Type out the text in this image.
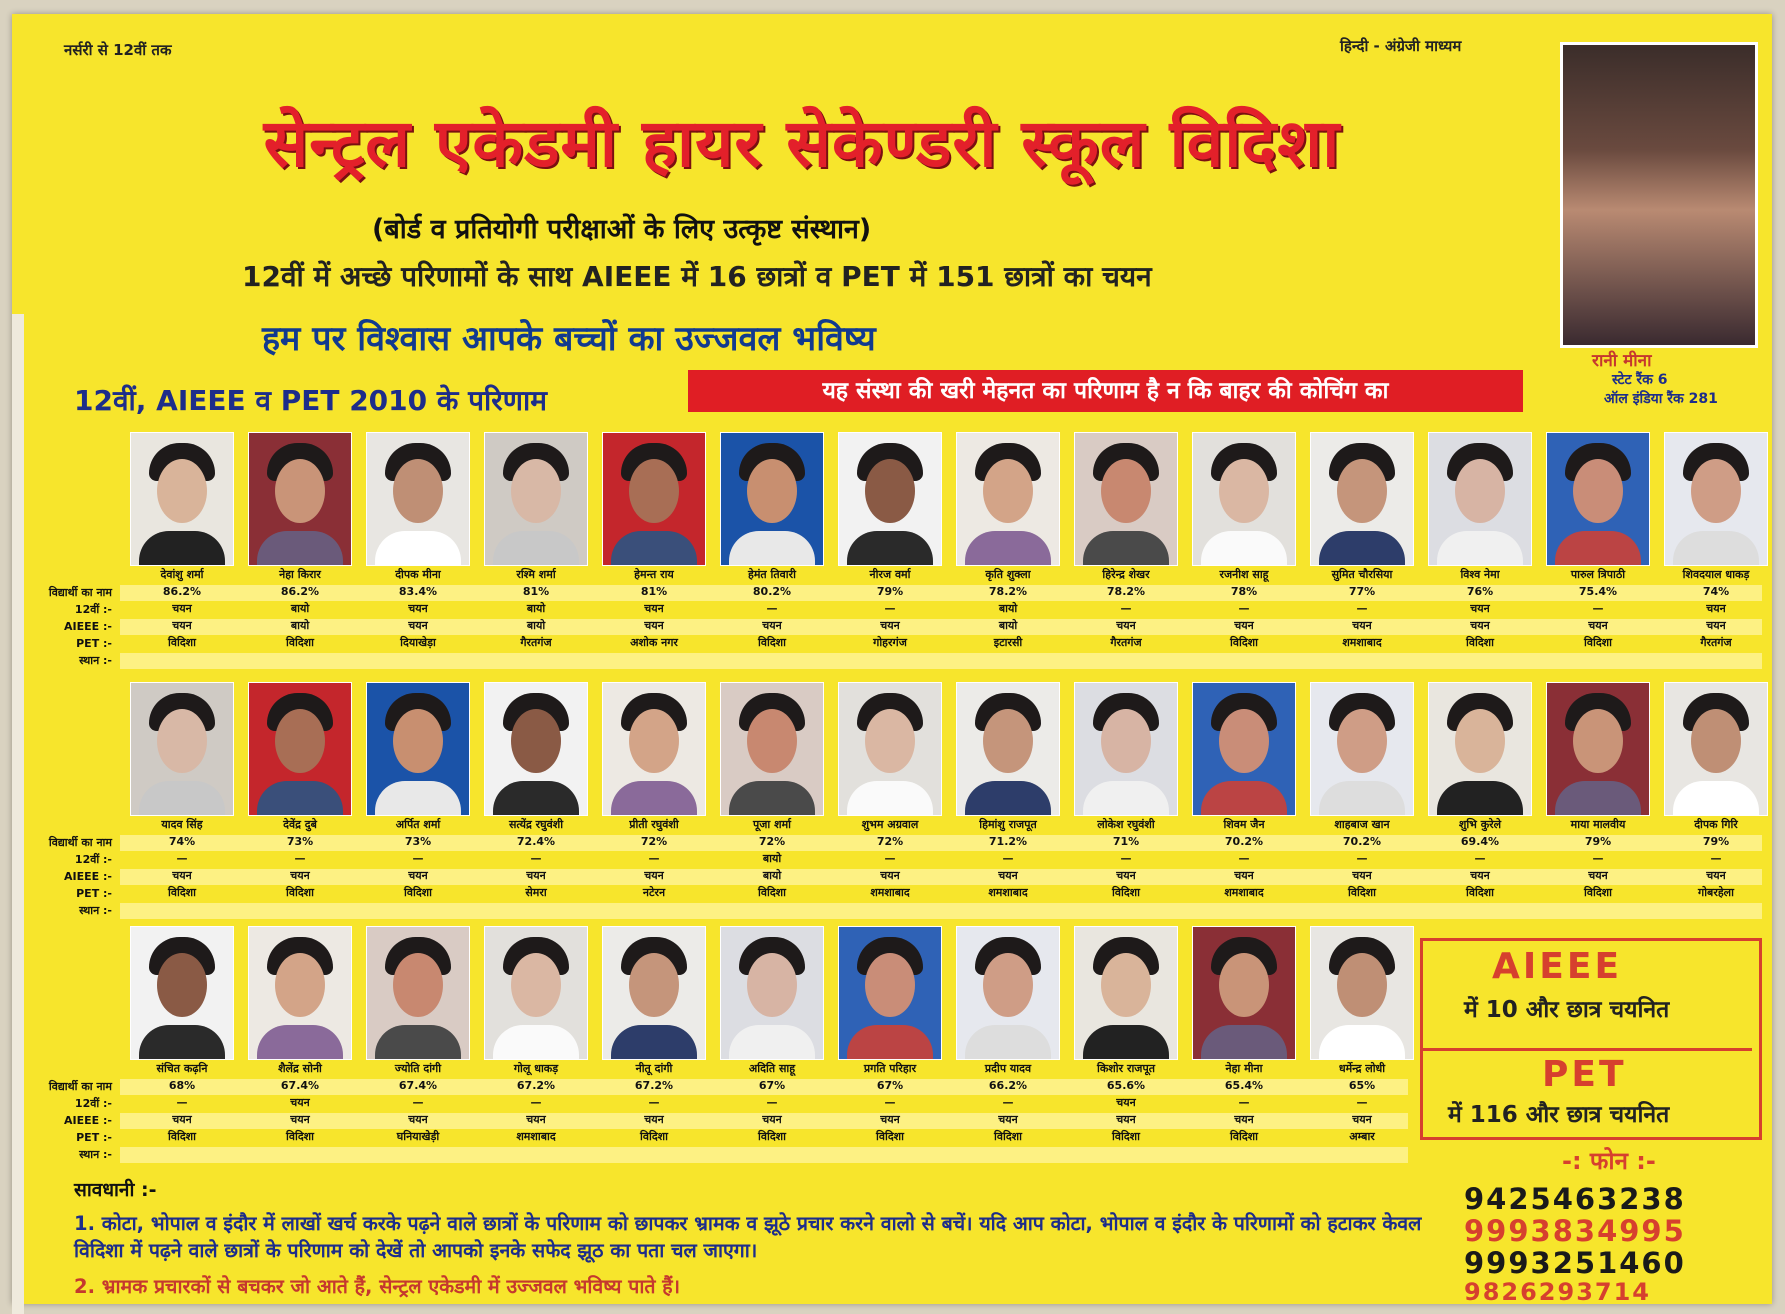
नर्सरी से 12वीं तक	हिन्दी - अंग्रेजी माध्यम
सेन्ट्रल एकेडमी हायर सेकेण्डरी स्कूल विदिशा
(बोर्ड व प्रतियोगी परीक्षाओं के लिए उत्कृष्ट संस्थान)
12वीं में अच्छे परिणामों के साथ AIEEE में 16 छात्रों व PET में 151 छात्रों का चयन
हम पर विश्वास आपके बच्चों का उज्जवल भविष्य
12वीं, AIEEE व PET 2010 के परिणाम	यह संस्था की खरी मेहनत का परिणाम है न कि बाहर की कोचिंग का
रानी मीना
स्टेट रैंक 6
ऑल इंडिया रैंक 281
विद्यार्थी का नाम
12वीं :-
AIEEE :-
PET :-
स्थान :-
देवांशु शर्मा
86.2%
चयन
चयन
विदिशा
नेहा किरार
86.2%
बायो
बायो
विदिशा
दीपक मीना
83.4%
चयन
चयन
दियाखेड़ा
रश्मि शर्मा
81%
बायो
बायो
गैरतगंज
हेमन्त राय
81%
चयन
चयन
अशोक नगर
हेमंत तिवारी
80.2%
—
चयन
विदिशा
नीरज वर्मा
79%
—
चयन
गोहरगंज
कृति शुक्ला
78.2%
बायो
बायो
इटारसी
हिरेन्द्र शेखर
78.2%
—
चयन
गैरतगंज
रजनीश साहू
78%
—
चयन
विदिशा
सुमित चौरसिया
77%
—
चयन
शमशाबाद
विश्व नेमा
76%
चयन
चयन
विदिशा
पारुल त्रिपाठी
75.4%
—
चयन
विदिशा
शिवदयाल धाकड़
74%
चयन
चयन
गैरतगंज
विद्यार्थी का नाम
12वीं :-
AIEEE :-
PET :-
स्थान :-
यादव सिंह
74%
—
चयन
विदिशा
देवेंद्र दुबे
73%
—
चयन
विदिशा
अर्पित शर्मा
73%
—
चयन
विदिशा
सत्येंद्र रघुवंशी
72.4%
—
चयन
सेमरा
प्रीती रघुवंशी
72%
—
चयन
नटेरन
पूजा शर्मा
72%
बायो
बायो
विदिशा
शुभम अग्रवाल
72%
—
चयन
शमशाबाद
हिमांशु राजपूत
71.2%
—
चयन
शमशाबाद
लोकेश रघुवंशी
71%
—
चयन
विदिशा
शिवम जैन
70.2%
—
चयन
शमशाबाद
शाहबाज खान
70.2%
—
चयन
विदिशा
शुभि कुरेले
69.4%
—
चयन
विदिशा
माया मालवीय
79%
—
चयन
विदिशा
दीपक गिरि
79%
—
चयन
गोबरहेला
विद्यार्थी का नाम
12वीं :-
AIEEE :-
PET :-
स्थान :-
संचित कढ़नि
68%
—
चयन
विदिशा
शैलेंद्र सोनी
67.4%
चयन
चयन
विदिशा
ज्योति दांगी
67.4%
—
चयन
घनियाखेड़ी
गोलू धाकड़
67.2%
—
चयन
शमशाबाद
नीतू दांगी
67.2%
—
चयन
विदिशा
अदिति साहू
67%
—
चयन
विदिशा
प्रगति परिहार
67%
—
चयन
विदिशा
प्रदीप यादव
66.2%
—
चयन
विदिशा
किशोर राजपूत
65.6%
चयन
चयन
विदिशा
नेहा मीना
65.4%
—
चयन
विदिशा
धर्मेन्द्र लोधी
65%
—
चयन
अम्बार
AIEEE
में 10 और छात्र चयनित
PET
में 116 और छात्र चयनित
-: फोन :-
9425463238
9993834995
9993251460
9826293714
सावधानी :-
1. कोटा, भोपाल व इंदौर में लाखों खर्च करके पढ़ने वाले छात्रों के परिणाम को छापकर भ्रामक व झूठे प्रचार करने वालो से बचें। यदि आप कोटा, भोपाल व इंदौर के परिणामों को हटाकर केवल विदिशा में पढ़ने वाले छात्रों के परिणाम को देखें तो आपको इनके सफेद झूठ का पता चल जाएगा।
2. भ्रामक प्रचारकों से बचकर जो आते हैं, सेन्ट्रल एकेडमी में उज्जवल भविष्य पाते हैं।
